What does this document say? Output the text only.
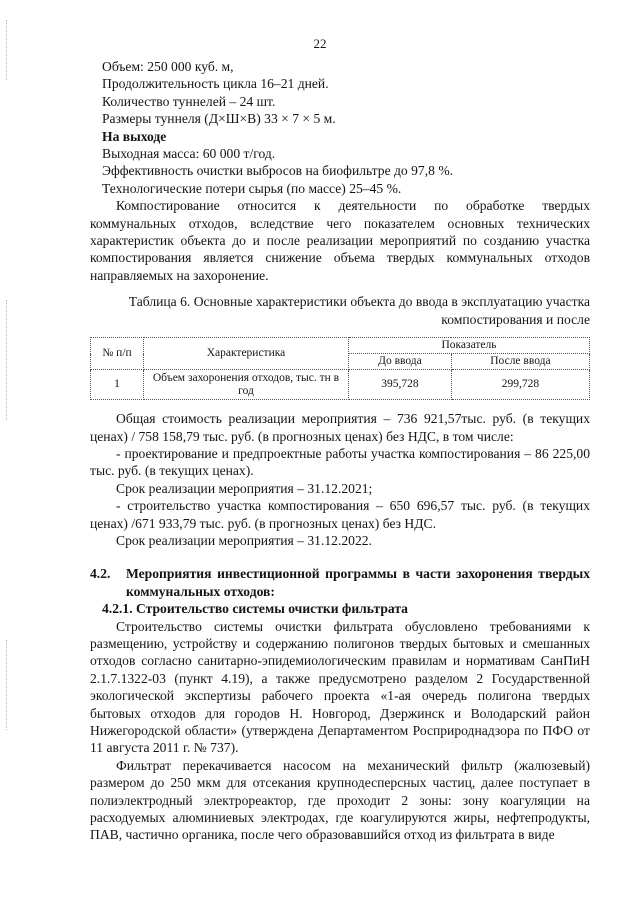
22
Объем: 250 000 куб. м,
Продолжительность цикла 16–21 дней.
Количество туннелей – 24 шт.
Размеры туннеля (Д×Ш×В) 33 × 7 × 5 м.
На выходе
Выходная масса: 60 000 т/год.
Эффективность очистки выбросов на биофильтре до 97,8 %.
Технологические потери сырья (по массе) 25–45 %.
Компостирование относится к деятельности по обработке твердых коммунальных отходов, вследствие чего показателем основных технических характеристик объекта до и после реализации мероприятий по созданию участка компостирования является снижение объема твердых коммунальных отходов направляемых на захоронение.
Таблица 6. Основные характеристики объекта до ввода в эксплуатацию участка компостирования и после
№ п/п	Характеристика	Показатель	
		До ввода	После ввода
1	Объем захоронения отходов, тыс. тн в год	395,728	299,728
Общая стоимость реализации мероприятия – 736 921,57тыс. руб. (в текущих ценах) / 758 158,79 тыс. руб. (в прогнозных ценах) без НДС, в том числе:
- проектирование и предпроектные работы участка компостирования – 86 225,00 тыс. руб. (в текущих ценах).
Срок реализации мероприятия – 31.12.2021;
- строительство участка компостирования – 650 696,57 тыс. руб. (в текущих ценах) /671 933,79 тыс. руб. (в прогнозных ценах) без НДС.
Срок реализации мероприятия – 31.12.2022.
4.2.	Мероприятия инвестиционной программы в части захоронения твердых коммунальных отходов:
4.2.1. Строительство системы очистки фильтрата
Строительство системы очистки фильтрата обусловлено требованиями к размещению, устройству и содержанию полигонов твердых бытовых и смешанных отходов согласно санитарно-эпидемиологическим правилам и нормативам СанПиН 2.1.7.1322-03 (пункт 4.19), а также предусмотрено разделом 2 Государственной экологической экспертизы рабочего проекта «1-ая очередь полигона твердых бытовых отходов для городов Н. Новгород, Дзержинск и Володарский район Нижегородской области» (утверждена Департаментом Росприроднадзора по ПФО от 11 августа 2011 г. № 737).
Фильтрат перекачивается насосом на механический фильтр (жалюзевый) размером до 250 мкм для отсекания крупнодесперсных частиц, далее поступает в полиэлектродный электрореактор, где проходит 2 зоны: зону коагуляции на расходуемых алюминиевых электродах, где коагулируются жиры, нефтепродукты, ПАВ, частично органика, после чего образовавшийся отход из фильтрата в виде
